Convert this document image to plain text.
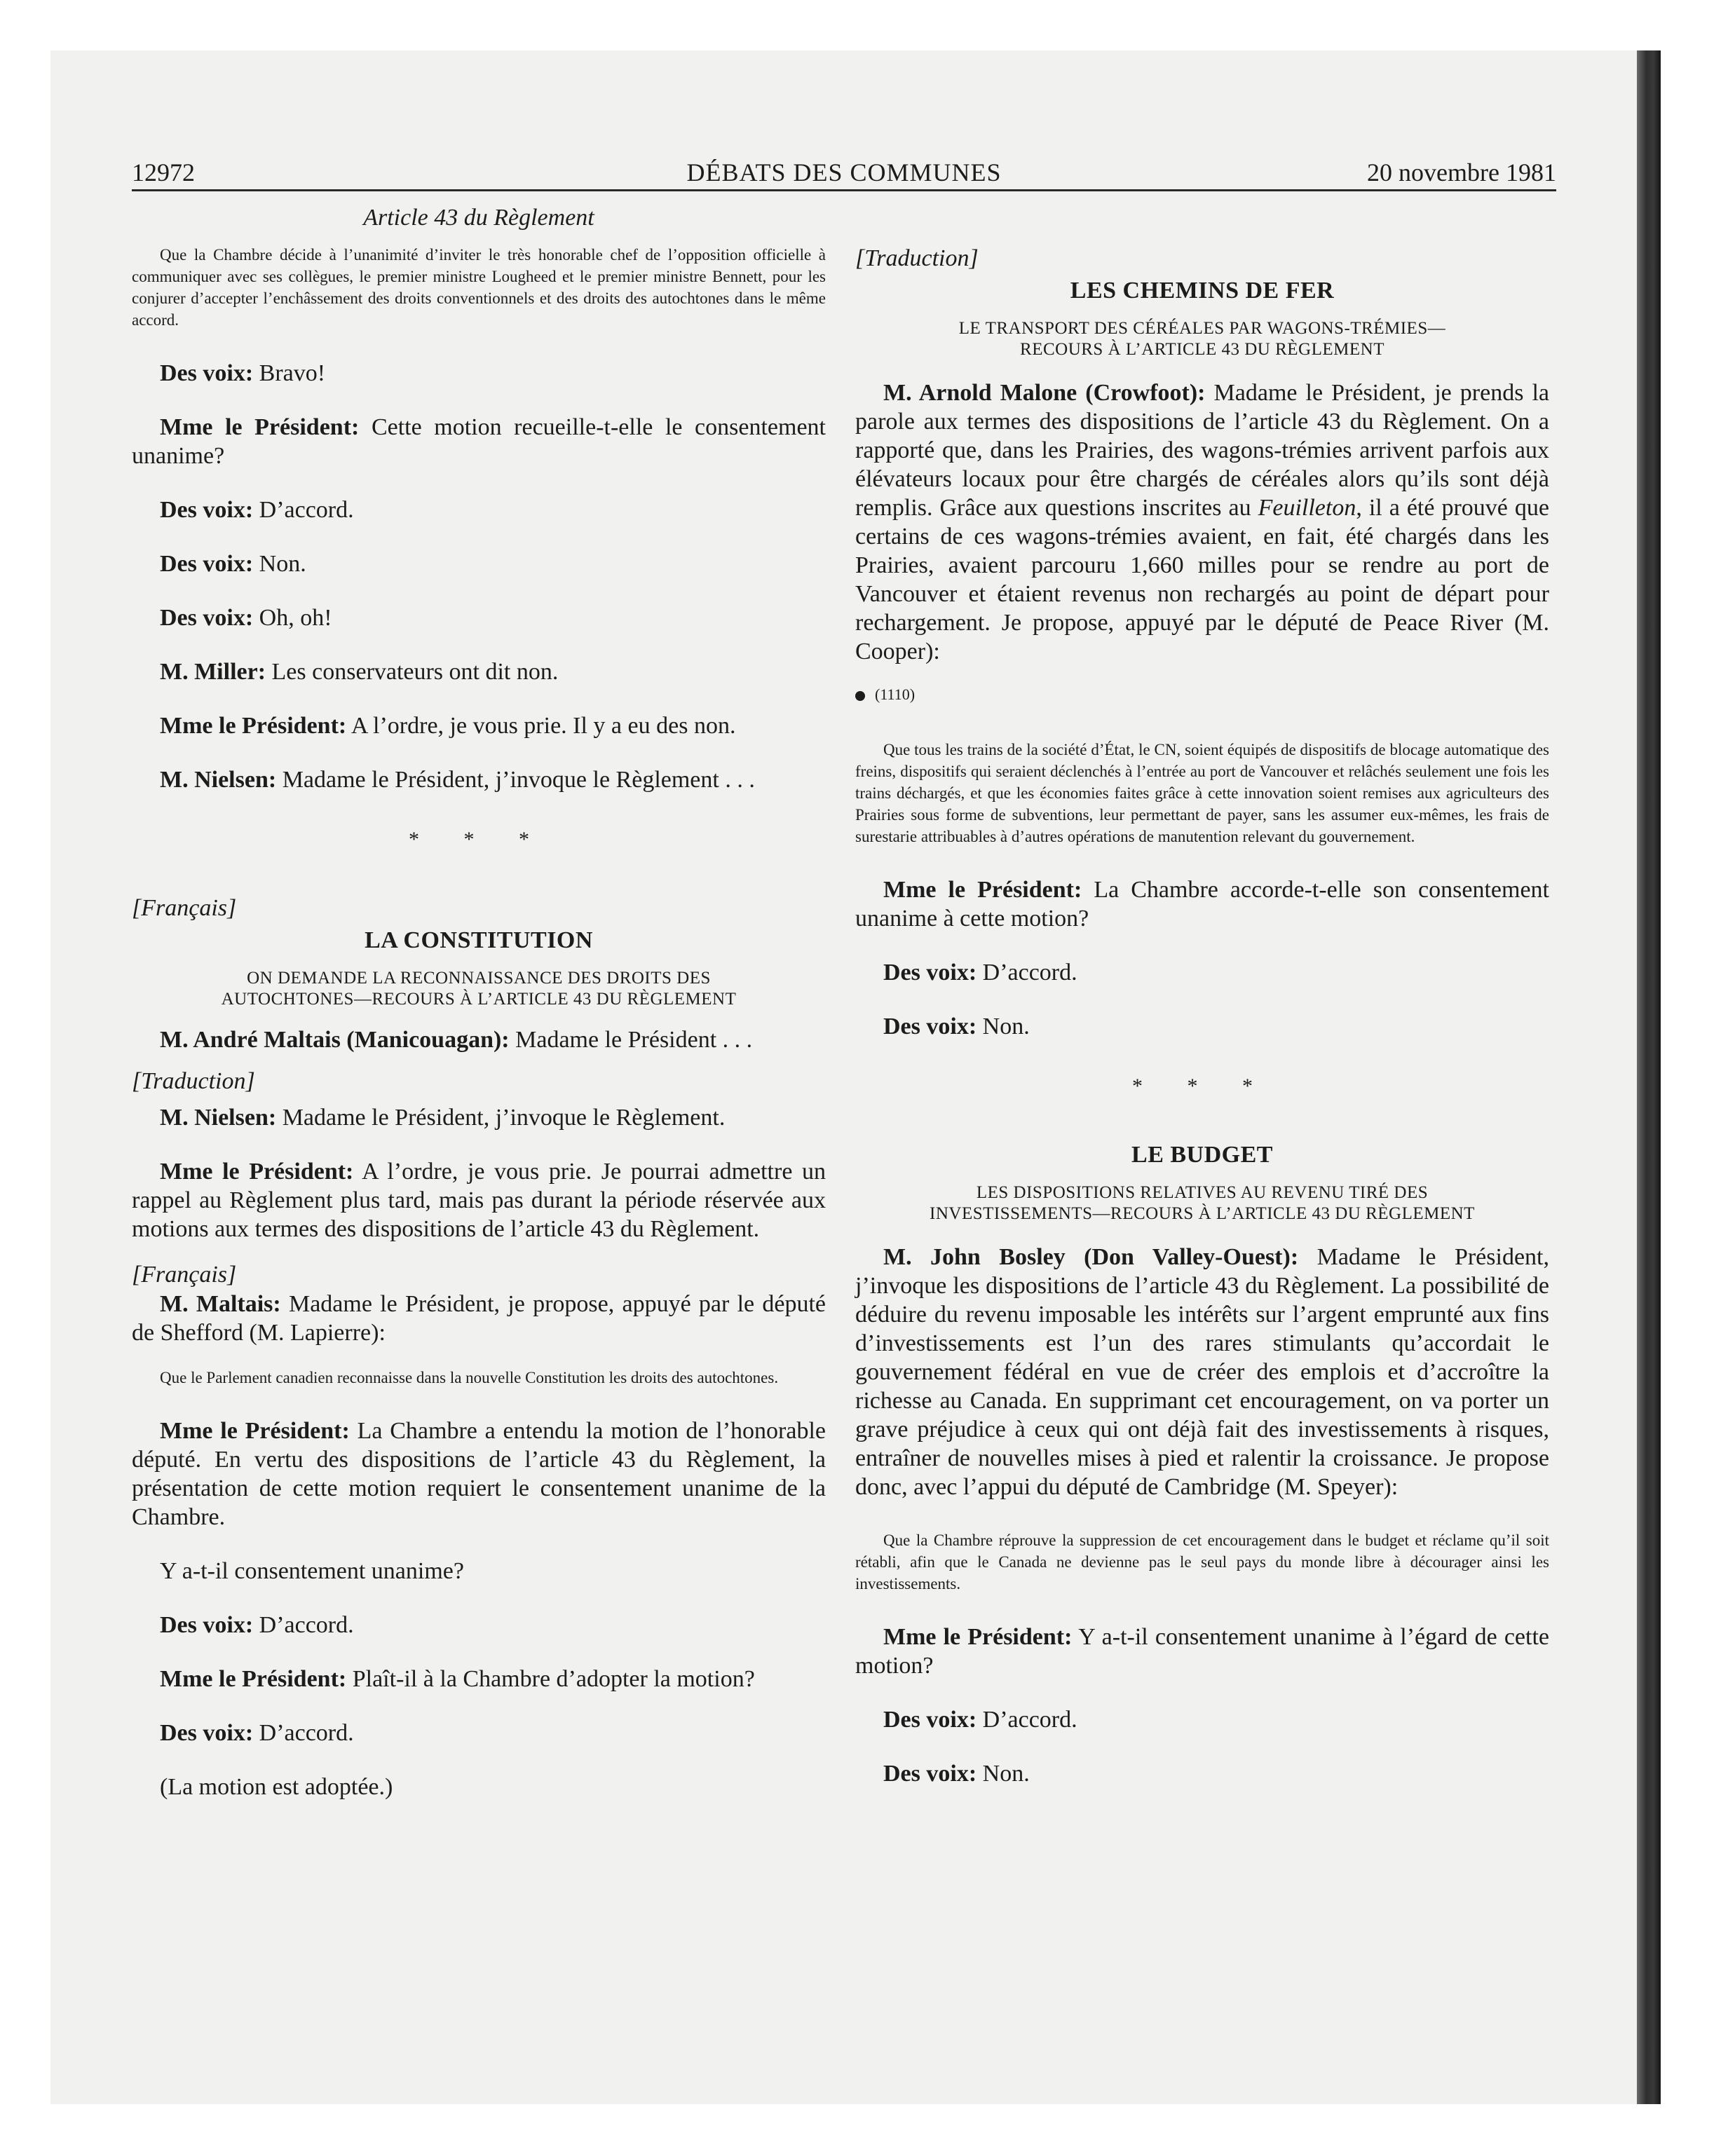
12972	DÉBATS DES COMMUNES	20 novembre 1981

Article 43 du Règlement

Que la Chambre décide à l’unanimité d’inviter le très honorable chef de l’opposition officielle à communiquer avec ses collègues, le premier ministre Lougheed et le premier ministre Bennett, pour les conjurer d’accepter l’enchâssement des droits conventionnels et des droits des autochtones dans le même accord.

Des voix: Bravo!

Mme le Président: Cette motion recueille-t-elle le consentement unanime?

Des voix: D’accord.

Des voix: Non.

Des voix: Oh, oh!

M. Miller: Les conservateurs ont dit non.

Mme le Président: A l’ordre, je vous prie. Il y a eu des non.

M. Nielsen: Madame le Président, j’invoque le Règlement . . .

* * *

[Français]

LA CONSTITUTION
ON DEMANDE LA RECONNAISSANCE DES DROITS DES
AUTOCHTONES—RECOURS À L’ARTICLE 43 DU RÈGLEMENT

M. André Maltais (Manicouagan): Madame le Président . . .

[Traduction]

M. Nielsen: Madame le Président, j’invoque le Règlement.

Mme le Président: A l’ordre, je vous prie. Je pourrai admettre un rappel au Règlement plus tard, mais pas durant la période réservée aux motions aux termes des dispositions de l’article 43 du Règlement.

[Français]

M. Maltais: Madame le Président, je propose, appuyé par le député de Shefford (M. Lapierre):

Que le Parlement canadien reconnaisse dans la nouvelle Constitution les droits des autochtones.

Mme le Président: La Chambre a entendu la motion de l’honorable député. En vertu des dispositions de l’article 43 du Règlement, la présentation de cette motion requiert le consentement unanime de la Chambre.

Y a-t-il consentement unanime?

Des voix: D’accord.

Mme le Président: Plaît-il à la Chambre d’adopter la motion?

Des voix: D’accord.

(La motion est adoptée.)

[Traduction]

LES CHEMINS DE FER
LE TRANSPORT DES CÉRÉALES PAR WAGONS-TRÉMIES—
RECOURS À L’ARTICLE 43 DU RÈGLEMENT

M. Arnold Malone (Crowfoot): Madame le Président, je prends la parole aux termes des dispositions de l’article 43 du Règlement. On a rapporté que, dans les Prairies, des wagons-trémies arrivent parfois aux élévateurs locaux pour être chargés de céréales alors qu’ils sont déjà remplis. Grâce aux questions inscrites au Feuilleton, il a été prouvé que certains de ces wagons-trémies avaient, en fait, été chargés dans les Prairies, avaient parcouru 1,660 milles pour se rendre au port de Vancouver et étaient revenus non rechargés au point de départ pour rechargement. Je propose, appuyé par le député de Peace River (M. Cooper):

(1110)

Que tous les trains de la société d’État, le CN, soient équipés de dispositifs de blocage automatique des freins, dispositifs qui seraient déclenchés à l’entrée au port de Vancouver et relâchés seulement une fois les trains déchargés, et que les économies faites grâce à cette innovation soient remises aux agriculteurs des Prairies sous forme de subventions, leur permettant de payer, sans les assumer eux-mêmes, les frais de surestarie attribuables à d’autres opérations de manutention relevant du gouvernement.

Mme le Président: La Chambre accorde-t-elle son consentement unanime à cette motion?

Des voix: D’accord.

Des voix: Non.

* * *
LE BUDGET
LES DISPOSITIONS RELATIVES AU REVENU TIRÉ DES
INVESTISSEMENTS—RECOURS À L’ARTICLE 43 DU RÈGLEMENT

M. John Bosley (Don Valley-Ouest): Madame le Président, j’invoque les dispositions de l’article 43 du Règlement. La possibilité de déduire du revenu imposable les intérêts sur l’argent emprunté aux fins d’investissements est l’un des rares stimulants qu’accordait le gouvernement fédéral en vue de créer des emplois et d’accroître la richesse au Canada. En supprimant cet encouragement, on va porter un grave préjudice à ceux qui ont déjà fait des investissements à risques, entraîner de nouvelles mises à pied et ralentir la croissance. Je propose donc, avec l’appui du député de Cambridge (M. Speyer):

Que la Chambre réprouve la suppression de cet encouragement dans le budget et réclame qu’il soit rétabli, afin que le Canada ne devienne pas le seul pays du monde libre à décourager ainsi les investissements.

Mme le Président: Y a-t-il consentement unanime à l’égard de cette motion?

Des voix: D’accord.

Des voix: Non.
